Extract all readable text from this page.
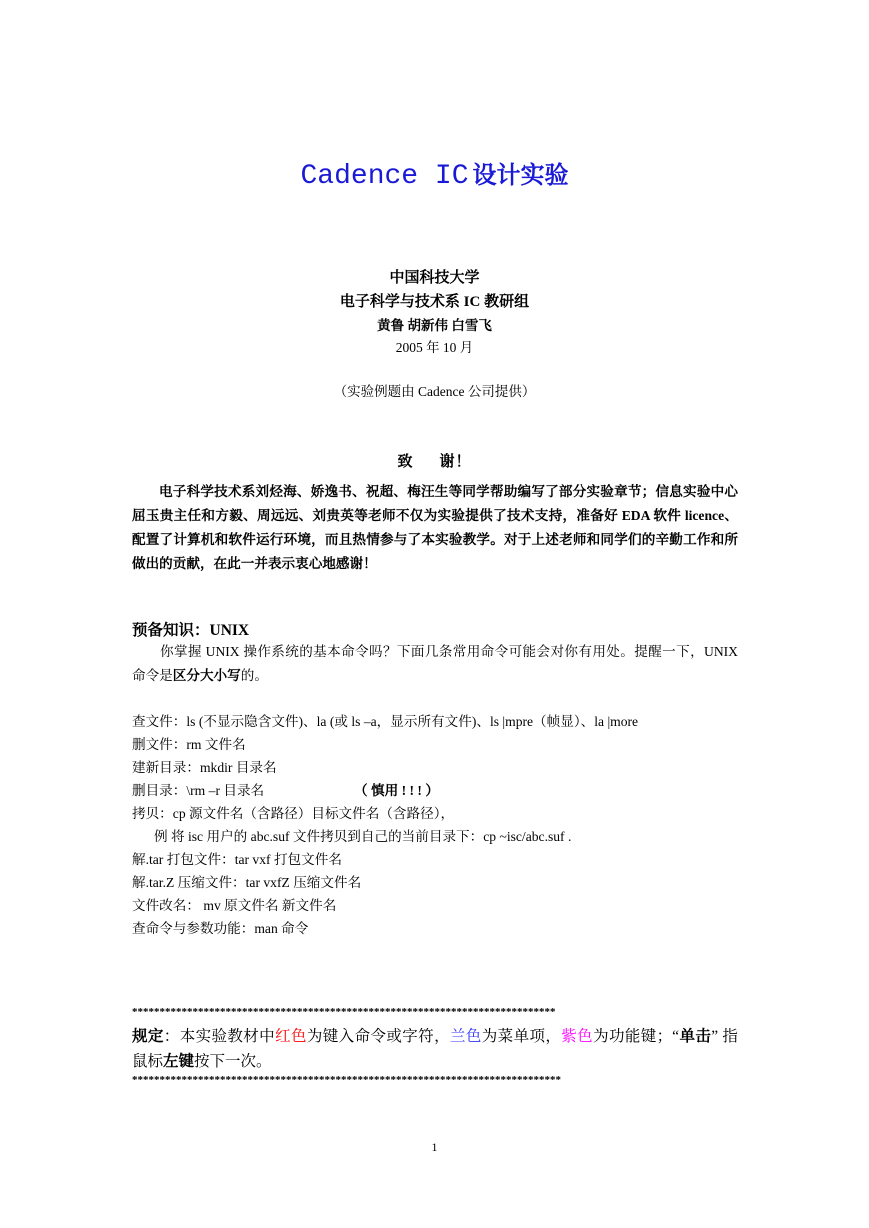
Cadence IC 设计实验
中国科技大学
电子科学与技术系 IC 教研组
黄鲁 胡新伟 白雪飞
2005 年 10 月
（实验例题由 Cadence 公司提供）
致 谢！
电子科学技术系刘烃海、娇逸书、祝超、梅汪生等同学帮助编写了部分实验章节；信息实验中心屈玉贵主任和方毅、周远远、刘贵英等老师不仅为实验提供了技术支持，准备好 EDA 软件 licence、配置了计算机和软件运行环境，而且热情参与了本实验教学。对于上述老师和同学们的辛勤工作和所做出的贡献，在此一并表示衷心地感谢！
预备知识：UNIX
你掌握 UNIX 操作系统的基本命令吗？下面几条常用命令可能会对你有用处。提醒一下，UNIX 命令是区分大小写的。
查文件：ls (不显示隐含文件)、la (或 ls –a，显示所有文件)、ls |mpre（帧显）、la |more
删文件：rm 文件名
建新目录：mkdir 目录名
删目录：\rm –r 目录名	（ 慎用 ! ! ! ）
拷贝：cp 源文件名（含路径）目标文件名（含路径），
例 将 isc 用户的 abc.suf 文件拷贝到自己的当前目录下：cp ~isc/abc.suf .
解.tar 打包文件：tar vxf 打包文件名
解.tar.Z 压缩文件：tar vxfZ 压缩文件名
文件改名： mv 原文件名 新文件名
查命令与参数功能：man 命令
*****************************************************************************
规定：本实验教材中红色为键入命令或字符，兰色为菜单项，紫色为功能键；“单击” 指鼠标左键按下一次。
******************************************************************************
1
